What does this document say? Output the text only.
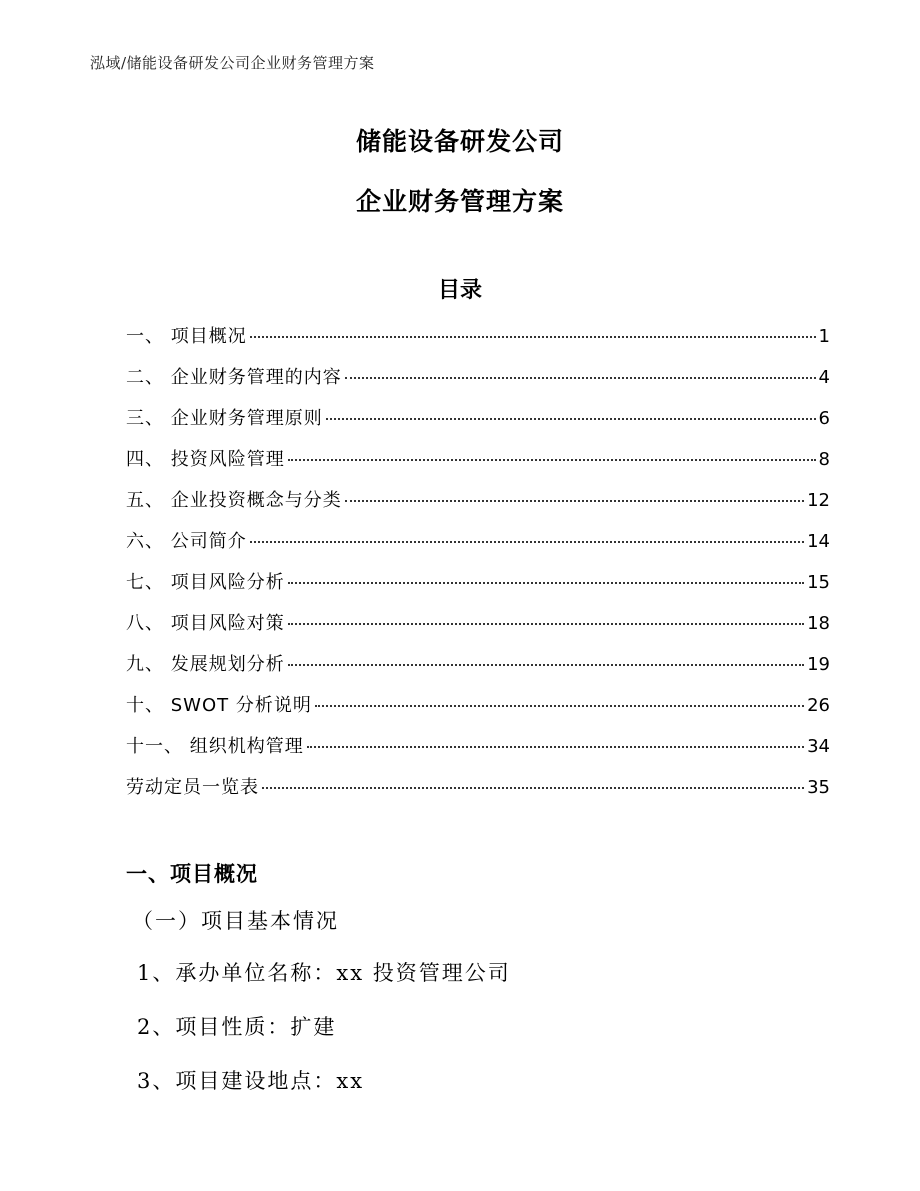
泓域/储能设备研发公司企业财务管理方案
储能设备研发公司
企业财务管理方案
目录
一、 项目概况	1
二、 企业财务管理的内容	4
三、 企业财务管理原则	6
四、 投资风险管理	8
五、 企业投资概念与分类	12
六、 公司简介	14
七、 项目风险分析	15
八、 项目风险对策	18
九、 发展规划分析	19
十、 SWOT 分析说明	26
十一、 组织机构管理	34
劳动定员一览表	35
一、项目概况
（一）项目基本情况
1、承办单位名称：xx 投资管理公司
2、项目性质：扩建
3、项目建设地点：xx
